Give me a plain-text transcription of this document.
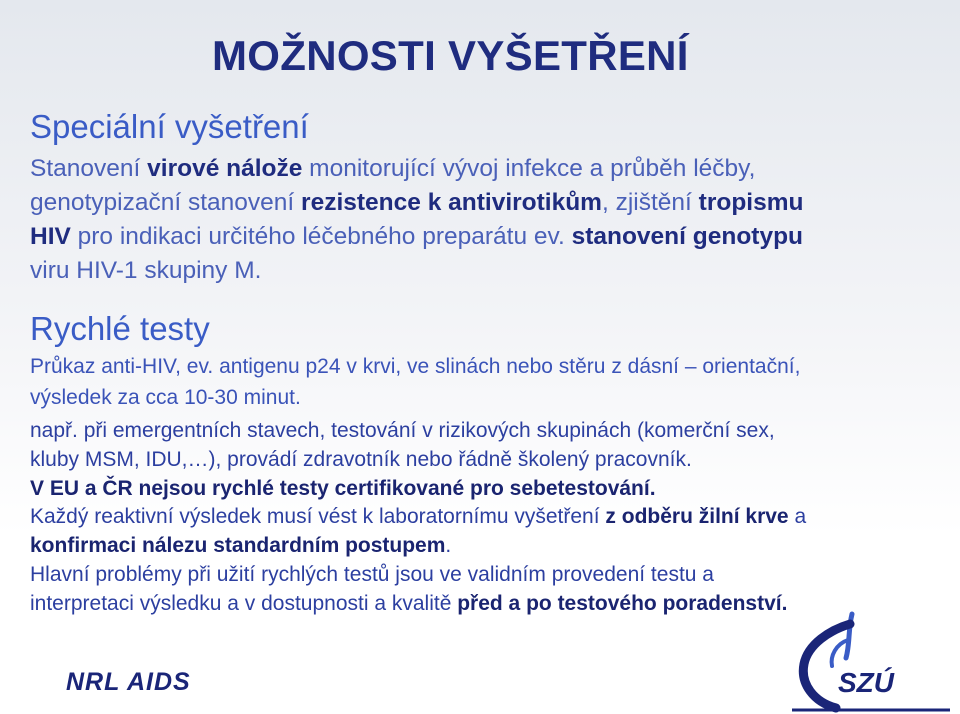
MOŽNOSTI VYŠETŘENÍ
Speciální vyšetření
Stanovení virové nálože monitorující vývoj infekce a průběh léčby,
genotypizační stanovení rezistence k antivirotikům, zjištění tropismu
HIV pro indikaci určitého léčebného preparátu ev. stanovení genotypu
viru HIV-1 skupiny M.
Rychlé testy
Průkaz anti-HIV, ev. antigenu p24 v krvi, ve slinách nebo stěru z dásní – orientační,
výsledek za cca 10-30 minut.
např. při emergentních stavech, testování v rizikových skupinách (komerční sex,
kluby MSM, IDU,…), provádí zdravotník nebo řádně školený pracovník.
V EU a ČR nejsou rychlé testy certifikované pro sebetestování.
Každý reaktivní výsledek musí vést k laboratornímu vyšetření z odběru žilní krve a
konfirmaci nálezu standardním postupem.
Hlavní problémy při užití rychlých testů jsou ve validním provedení testu a
interpretaci výsledku a v dostupnosti a kvalitě před a po testového poradenství.
NRL AIDS	SZÚ
